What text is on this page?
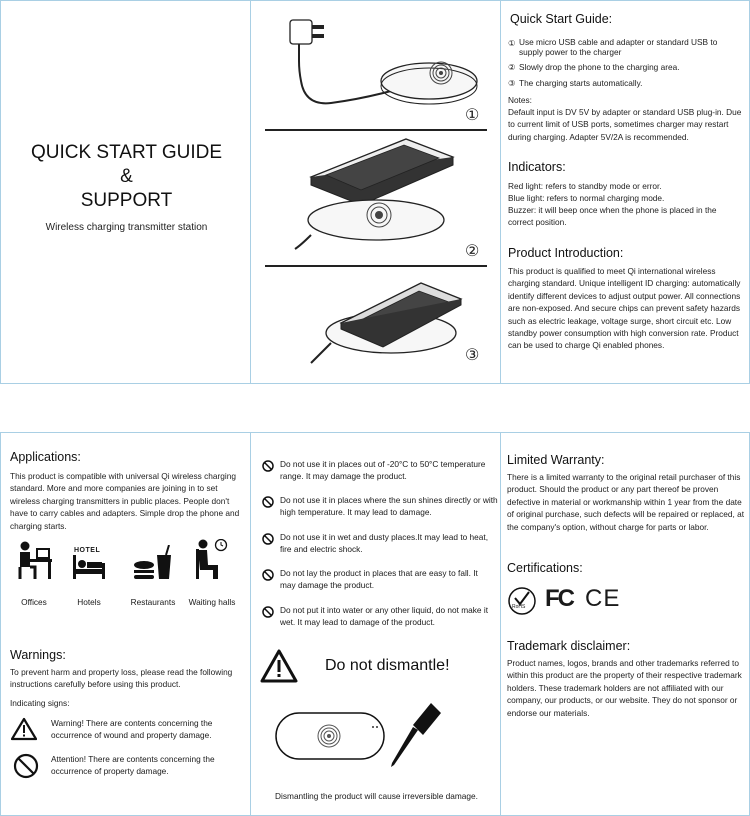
QUICK START GUIDE
&
SUPPORT
Wireless charging transmitter station
①
②
③
Quick Start Guide:
① Use micro USB cable and adapter or standard USB to supply power to the charger
② Slowly drop the phone to the charging area.
③ The charging starts automatically.
Notes:
Default input is DV 5V by adapter or standard USB plug-in. Due to current limit of USB ports, sometimes charger may restart during charging. Adapter 5V/2A is recommended.
Indicators:
Red light: refers to standby mode or error.
Blue light: refers to normal charging mode.
Buzzer: it will beep once when the phone is placed in the correct position.
Product Introduction:
This product is qualified to meet Qi international wireless charging standard. Unique intelligent ID charging: automatically identify different devices to adjust output power. All connections are non-exposed. And secure chips can prevent safety hazards such as electric leakage, voltage surge, short circuit etc. Low standby power consumption with high conversion rate. Product can be used to charge Qi enabled phones.
Applications:
This product is compatible with universal Qi wireless charging standard. More and more companies are joining in to set wireless charging transmitters in public places. People don't have to carry cables and adapters. Simple drop the phone and charging starts.
HOTEL
Offices	Hotels	Restaurants	Waiting halls
Warnings:
To prevent harm and property loss, please read the following instructions carefully before using this product.
Indicating signs:
Warning! There are contents concerning the occurrence of wound and property damage.
Attention! There are contents concerning the occurrence of property damage.
Do not use it in places out of -20°C to 50°C temperature range. It may damage the product.
Do not use it in places where the sun shines directly or with high temperature. It may lead to damage.
Do not use it in wet and dusty places.It may lead to heat, fire and electric shock.
Do not lay the product in places that are easy to fall. It may damage the product.
Do not put it into water or any other liquid, do not make it wet. It may lead to damage of the product.
Do not dismantle!
Dismantling the product will cause irreversible damage.
Limited Warranty:
There is a limited warranty to the original retail purchaser of this product. Should the product or any part thereof be proven defective in material or workmanship within 1 year from the date of original purchase, such defects will be repaired or replaced, at the company's option, without charge for parts or labor.
Certifications:
RoHS FC CE
Trademark disclaimer:
Product names, logos, brands and other trademarks referred to within this product are the property of their respective trademark holders. These trademark holders are not affiliated with our company, our products, or our website. They do not sponsor or endorse our materials.
